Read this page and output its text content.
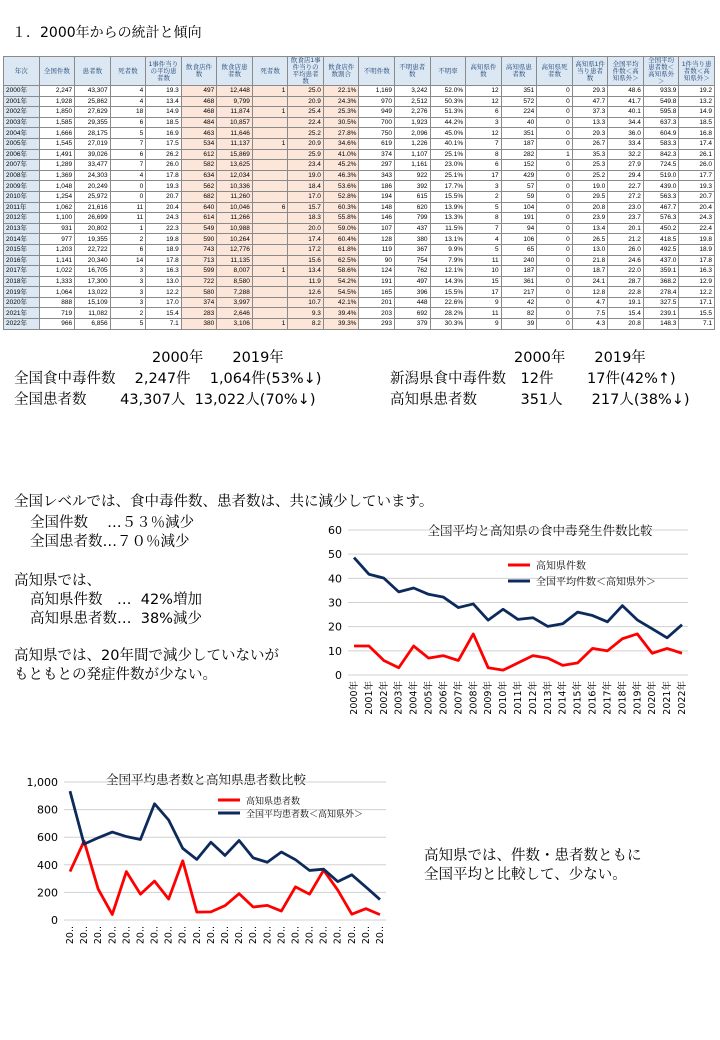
１．2000年からの統計と傾向
年次	全国件数	患者数	死者数	1事件当りの平均患者数	飲食店件数	飲食店患者数	死者数	飲食店1事件当りの平均患者数	飲食店件数割合	不明件数	不明患者数	不明率	高知県件数	高知県患者数	高知県死者数	高知県1件当り患者数	全国平均件数＜高知県外＞	全国平均患者数＜高知県外＞	1件当り患者数＜高知県外＞
2000年	2,247	43,307	4	19.3	497	12,448	1	25.0	22.1%	1,169	3,242	52.0%	12	351	0	29.3	48.6	933.9	19.2
2001年	1,928	25,862	4	13.4	468	9,799		20.9	24.3%	970	2,512	50.3%	12	572	0	47.7	41.7	549.8	13.2
2002年	1,850	27,629	18	14.9	468	11,874	1	25.4	25.3%	949	2,276	51.3%	6	224	0	37.3	40.1	595.8	14.9
2003年	1,585	29,355	6	18.5	484	10,857		22.4	30.5%	700	1,923	44.2%	3	40	0	13.3	34.4	637.3	18.5
2004年	1,666	28,175	5	16.9	463	11,646		25.2	27.8%	750	2,096	45.0%	12	351	0	29.3	36.0	604.9	16.8
2005年	1,545	27,019	7	17.5	534	11,137	1	20.9	34.6%	619	1,226	40.1%	7	187	0	26.7	33.4	583.3	17.4
2006年	1,491	39,026	6	26.2	612	15,869		25.9	41.0%	374	1,107	25.1%	8	282	1	35.3	32.2	842.3	26.1
2007年	1,289	33,477	7	26.0	582	13,625		23.4	45.2%	297	1,161	23.0%	6	152	0	25.3	27.9	724.5	26.0
2008年	1,369	24,303	4	17.8	634	12,034		19.0	46.3%	343	922	25.1%	17	429	0	25.2	29.4	519.0	17.7
2009年	1,048	20,249	0	19.3	562	10,336		18.4	53.6%	186	392	17.7%	3	57	0	19.0	22.7	439.0	19.3
2010年	1,254	25,972	0	20.7	682	11,260		17.0	52.8%	194	615	15.5%	2	59	0	29.5	27.2	563.3	20.7
2011年	1,062	21,616	11	20.4	640	10,046	6	15.7	60.3%	148	620	13.9%	5	104	0	20.8	23.0	467.7	20.4
2012年	1,100	26,699	11	24.3	614	11,266		18.3	55.8%	146	799	13.3%	8	191	0	23.9	23.7	576.3	24.3
2013年	931	20,802	1	22.3	549	10,988		20.0	59.0%	107	437	11.5%	7	94	0	13.4	20.1	450.2	22.4
2014年	977	19,355	2	19.8	590	10,264		17.4	60.4%	128	380	13.1%	4	106	0	26.5	21.2	418.5	19.8
2015年	1,203	22,722	6	18.9	743	12,776		17.2	61.8%	119	367	9.9%	5	65	0	13.0	26.0	492.5	18.9
2016年	1,141	20,340	14	17.8	713	11,135		15.6	62.5%	90	754	7.9%	11	240	0	21.8	24.6	437.0	17.8
2017年	1,022	16,705	3	16.3	599	8,007	1	13.4	58.6%	124	762	12.1%	10	187	0	18.7	22.0	359.1	16.3
2018年	1,333	17,300	3	13.0	722	8,580		11.9	54.2%	191	497	14.3%	15	361	0	24.1	28.7	368.2	12.9
2019年	1,064	13,022	3	12.2	580	7,288		12.6	54.5%	165	396	15.5%	17	217	0	12.8	22.8	278.4	12.2
2020年	888	15,109	3	17.0	374	3,997		10.7	42.1%	201	448	22.6%	9	42	0	4.7	19.1	327.5	17.1
2021年	719	11,082	2	15.4	283	2,646		9.3	39.4%	203	692	28.2%	11	82	0	7.5	15.4	239.1	15.5
2022年	966	6,856	5	7.1	380	3,106	1	8.2	39.3%	293	379	30.3%	9	39	0	4.3	20.8	148.3	7.1
2000年　　2019年
全国食中毒件数　 2,247件　 1,064件(53%↓)
全国患者数　　 43,307人  13,022人(70%↓)
2000年　　2019年
新潟県食中毒件数　12件　　 17件(42%↑)
高知県患者数　　　351人　　217人(38%↓)
全国レベルでは、食中毒件数、患者数は、共に減少しています。
全国件数　 …５３％減少
全国患者数…７０％減少
高知県では、
高知県件数　…  42%増加
高知県患者数…  38%減少
高知県では、20年間で減少していないが
もともとの発症件数が少ない。
高知県では、件数・患者数ともに
全国平均と比較して、少ない。
全国平均と高知県の食中毒発生件数比較
0
10
20
30
40
50
60
2000年 2001年 2002年 2003年 2004年 2005年 2006年 2007年 2008年 2009年 2010年 2011年 2012年 2013年 2014年 2015年 2016年 2017年 2018年 2019年 2020年 2021年 2022年
高知県件数
全国平均件数＜高知県外＞
全国平均患者数と高知県患者数比較
0
200
400
600
800
1,000
20.. 20.. 20.. 20.. 20.. 20.. 20.. 20.. 20.. 20.. 20.. 20.. 20.. 20.. 20.. 20.. 20.. 20.. 20.. 20.. 20.. 20.. 20..
高知県患者数
全国平均患者数＜高知県外＞
